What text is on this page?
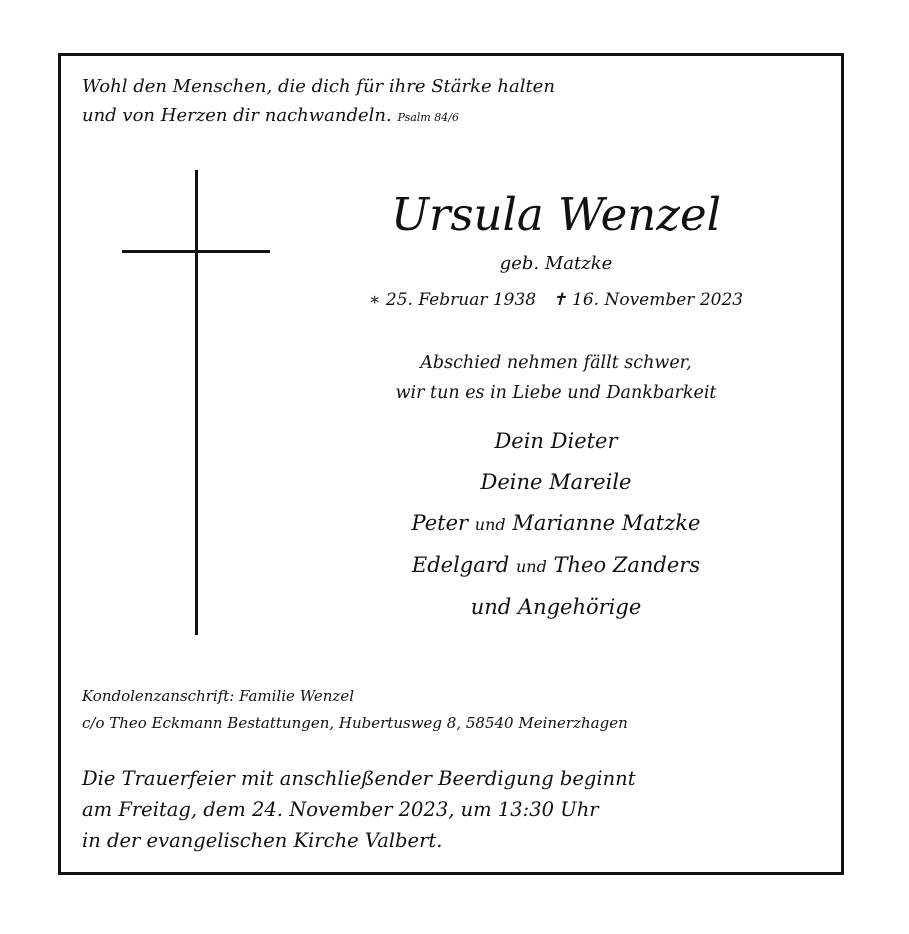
Wohl den Menschen, die dich für ihre Stärke halten
und von Herzen dir nachwandeln. Psalm 84/6
Ursula Wenzel
geb. Matzke
∗ 25. Februar 1938 ✝ 16. November 2023
Abschied nehmen fällt schwer,
wir tun es in Liebe und Dankbarkeit
Dein Dieter
Deine Mareile
Peter und Marianne Matzke
Edelgard und Theo Zanders
und Angehörige
Kondolenzanschrift: Familie Wenzel
c/o Theo Eckmann Bestattungen, Hubertusweg 8, 58540 Meinerzhagen
Die Trauerfeier mit anschließender Beerdigung beginnt
am Freitag, dem 24. November 2023, um 13:30 Uhr
in der evangelischen Kirche Valbert.
